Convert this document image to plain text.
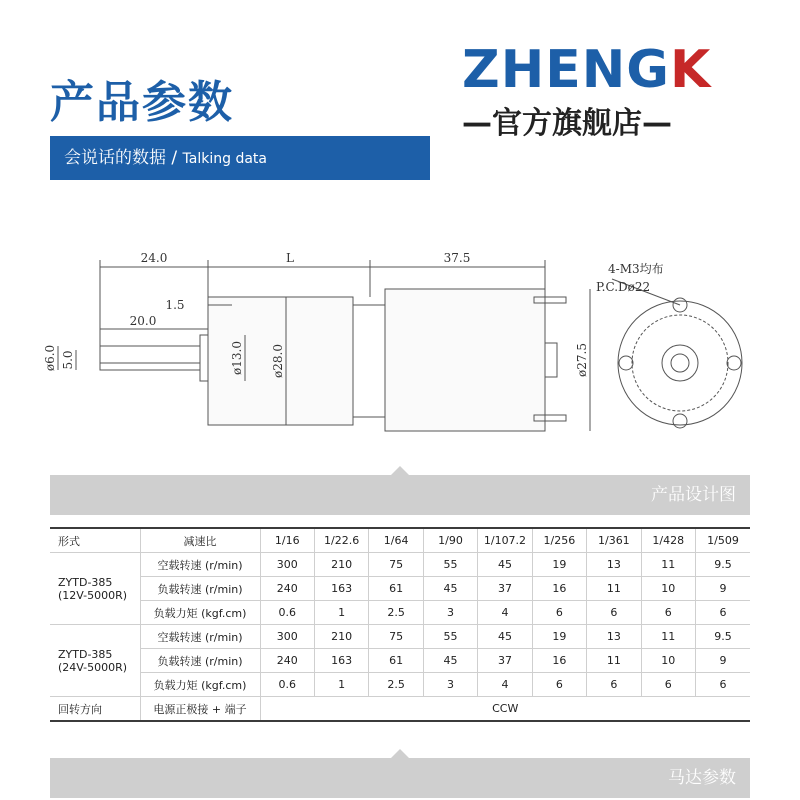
产品参数
会说话的数据 / Talking data
ZHENGK
—官方旗舰店—
24.0	L	37.5
1.5
20.0
ø6.0 5.0	ø13.0 ø28.0	ø27.5
4-M3均布
P.C.Dø22
产品设计图
形式	减速比	1/16	1/22.6	1/64	1/90	1/107.2	1/256	1/361	1/428	1/509

ZYTD-385
(12V-5000R)	空载转速 (r/min)	300	210	75	55	45	19	13	11	9.5
	负载转速 (r/min)	240	163	61	45	37	16	11	10	9
	负载力矩 (kgf.cm)	0.6	1	2.5	3	4	6	6	6	6

ZYTD-385
(24V-5000R)	空载转速 (r/min)	300	210	75	55	45	19	13	11	9.5
	负载转速 (r/min)	240	163	61	45	37	16	11	10	9
	负载力矩 (kgf.cm)	0.6	1	2.5	3	4	6	6	6	6
回转方向	电源正极接 + 端子	CCW								
马达参数
